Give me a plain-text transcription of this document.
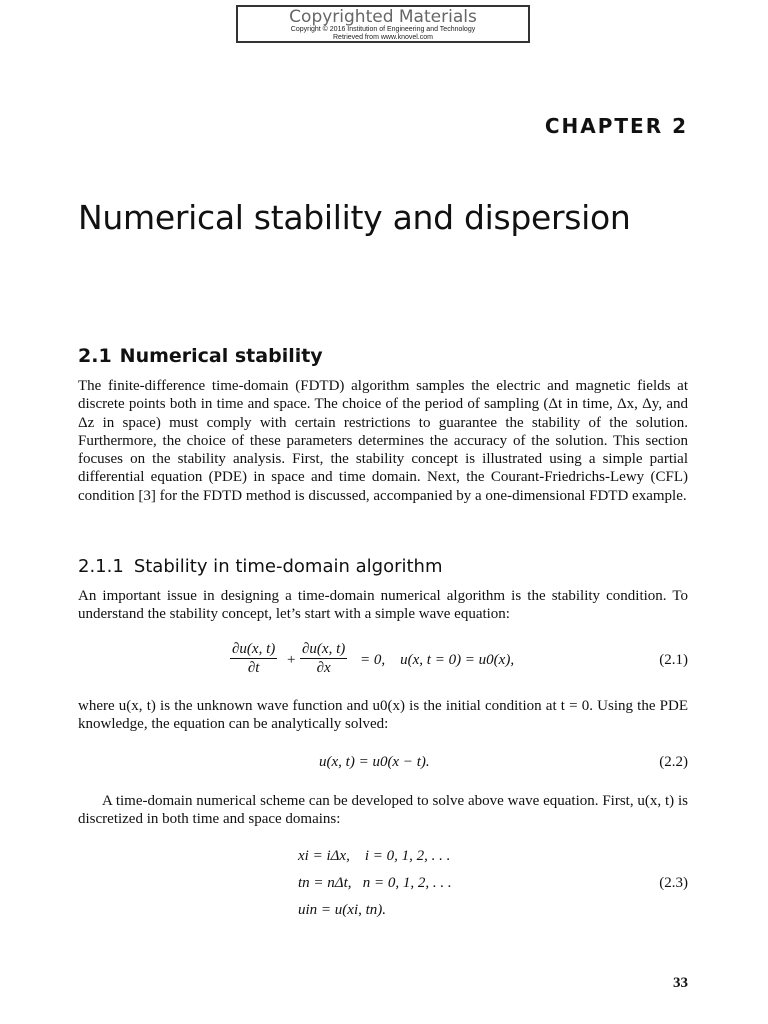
Copyrighted Materials
Copyright © 2016 Institution of Engineering and Technology
Retrieved from www.knovel.com
CHAPTER 2
Numerical stability and dispersion
2.1 Numerical stability

The finite-difference time-domain (FDTD) algorithm samples the electric and magnetic fields at discrete points both in time and space. The choice of the period of sampling (Δt in time, Δx, Δy, and Δz in space) must comply with certain restrictions to guarantee the stability of the solution. Furthermore, the choice of these parameters determines the accuracy of the solution. This section focuses on the stability analysis. First, the stability concept is illustrated using a simple partial differential equation (PDE) in space and time domain. Next, the Courant-Friedrichs-Lewy (CFL) condition [3] for the FDTD method is discussed, accompanied by a one-dimensional FDTD example.

2.1.1 Stability in time-domain algorithm

An important issue in designing a time-domain numerical algorithm is the stability condition. To understand the stability concept, let’s start with a simple wave equation:

$\frac{\partial u(x, t)}{\partial t} + \frac{\partial u(x, t)}{\partial x} = 0$,    u(x, t = 0) = u0(x),	(2.1)

where u(x, t) is the unknown wave function and u0(x) is the initial condition at t = 0. Using the PDE knowledge, the equation can be analytically solved:

u(x, t) = u0(x − t).	(2.2)

A time-domain numerical scheme can be developed to solve above wave equation. First, u(x, t) is discretized in both time and space domains:

xi = iΔx,    i = 0, 1, 2, . . .
tn = nΔt,   n = 0, 1, 2, . . .
uin = u(xi, tn).
(2.3)
33
